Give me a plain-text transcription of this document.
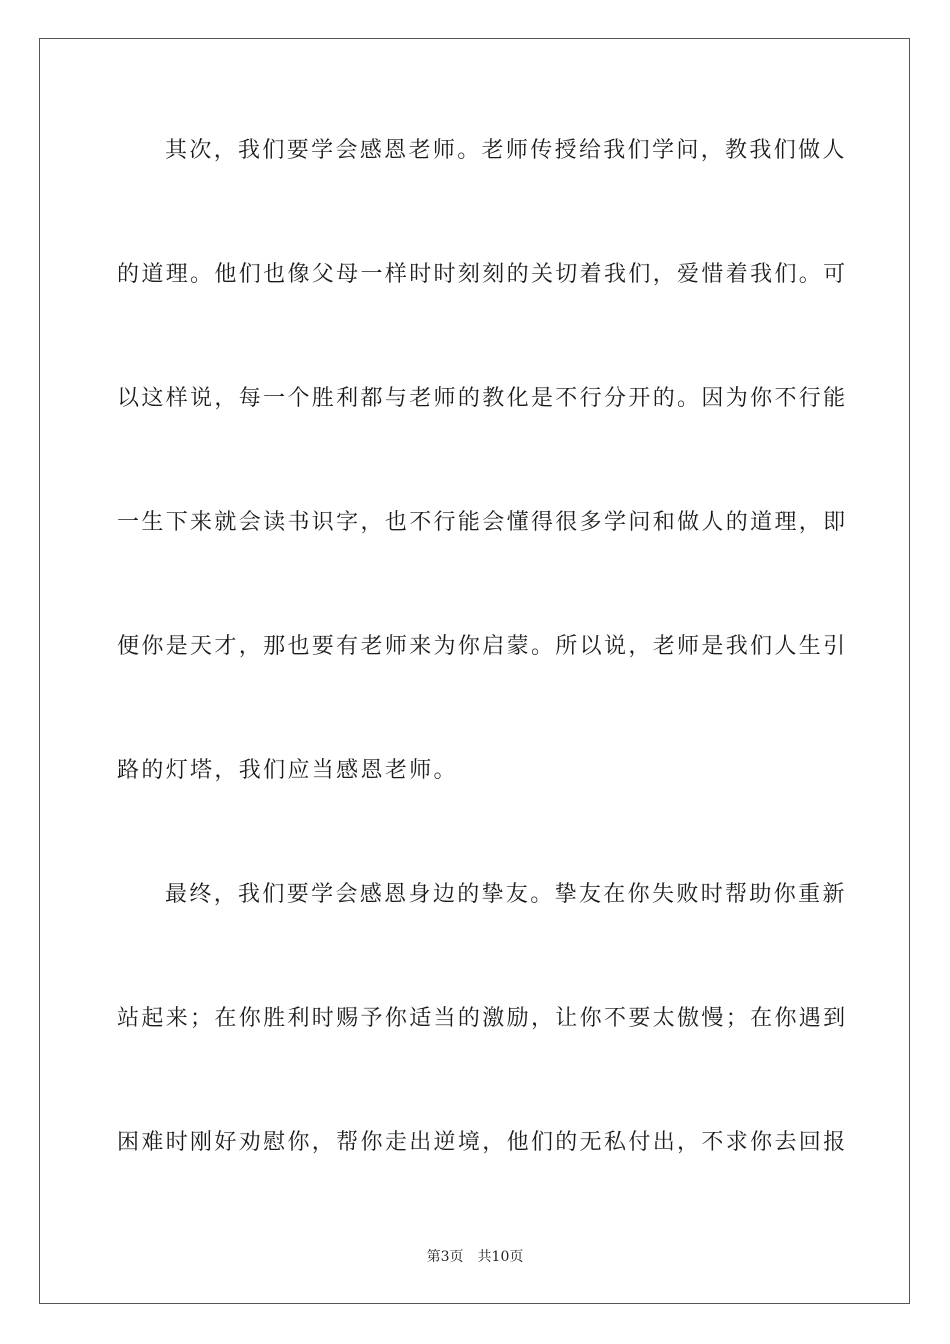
其次，我们要学会感恩老师。老师传授给我们学问，教我们做人
的道理。他们也像父母一样时时刻刻的关切着我们，爱惜着我们。可
以这样说，每一个胜利都与老师的教化是不行分开的。因为你不行能
一生下来就会读书识字，也不行能会懂得很多学问和做人的道理，即
便你是天才，那也要有老师来为你启蒙。所以说，老师是我们人生引
路的灯塔，我们应当感恩老师。
最终，我们要学会感恩身边的挚友。挚友在你失败时帮助你重新
站起来；在你胜利时赐予你适当的激励，让你不要太傲慢；在你遇到
困难时刚好劝慰你，帮你走出逆境，他们的无私付出，不求你去回报
第3页 共10页
